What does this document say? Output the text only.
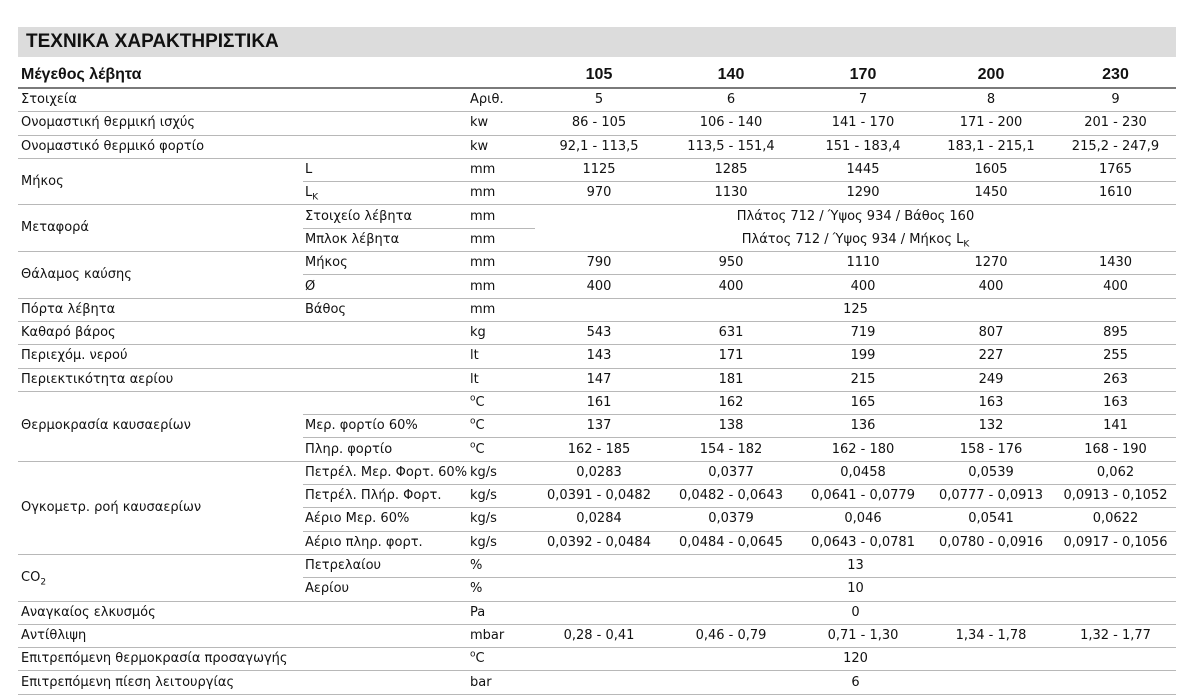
ΤΕΧΝΙΚΑ ΧΑΡΑΚΤΗΡΙΣΤΙΚΑ
Μέγεθος λέβητα			105	140	170	200	230
Στοιχεία		Αριθ.	5	6	7	8	9
Ονομαστική θερμική ισχύς		kw	86 - 105	106 - 140	141 - 170	171 - 200	201 - 230
Ονομαστικό θερμικό φορτίο		kw	92,1 - 113,5	113,5 - 151,4	151 - 183,4	183,1 - 215,1	215,2 - 247,9
Μήκος	L	mm	1125	1285	1445	1605	1765
	$L_K$	mm	970	1130	1290	1450	1610
Μεταφορά	Στοιχείο λέβητα	mm	Πλάτος 712 / Ύψος 934 / Βάθος 160				
	Μπλοκ λέβητα	mm	Πλάτος 712 / Ύψος 934 / Μήκος $L_K$
Θάλαμος καύσης	Μήκος	mm	790	950	1110	1270	1430
	Ø	mm	400	400	400	400	400
Πόρτα λέβητα	Βάθος	mm	125				
Καθαρό βάρος		kg	543	631	719	807	895
Περιεχόμ. νερού		lt	143	171	199	227	255
Περιεκτικότητα αερίου		lt	147	181	215	249	263
Θερμοκρασία καυσαερίων		$^o$C	161	162	165	163	163
	Μερ. φορτίο 60%	$^o$C	137	138	136	132	141
	Πληρ. φορτίο	$^o$C	162 - 185	154 - 182	162 - 180	158 - 176	168 - 190
Ογκομετρ. ροή καυσαερίων	Πετρέλ. Μερ. Φορτ. 60%	kg/s	0,0283	0,0377	0,0458	0,0539	0,062
	Πετρέλ. Πλήρ. Φορτ.	kg/s	0,0391 - 0,0482	0,0482 - 0,0643	0,0641 - 0,0779	0,0777 - 0,0913	0,0913 - 0,1052
	Αέριο Μερ. 60%	kg/s	0,0284	0,0379	0,046	0,0541	0,0622
	Αέριο πληρ. φορτ.	kg/s	0,0392 - 0,0484	0,0484 - 0,0645	0,0643 - 0,0781	0,0780 - 0,0916	0,0917 - 0,1056
$CO_2$	Πετρελαίου	%	13				
	Αερίου	%	10				
Αναγκαίος ελκυσμός		Pa	0				
Αντίθλιψη		mbar	0,28 - 0,41	0,46 - 0,79	0,71 - 1,30	1,34 - 1,78	1,32 - 1,77
Επιτρεπόμενη θερμοκρασία προσαγωγής		$^o$C	120				
Επιτρεπόμενη πίεση λειτουργίας		bar	6				
